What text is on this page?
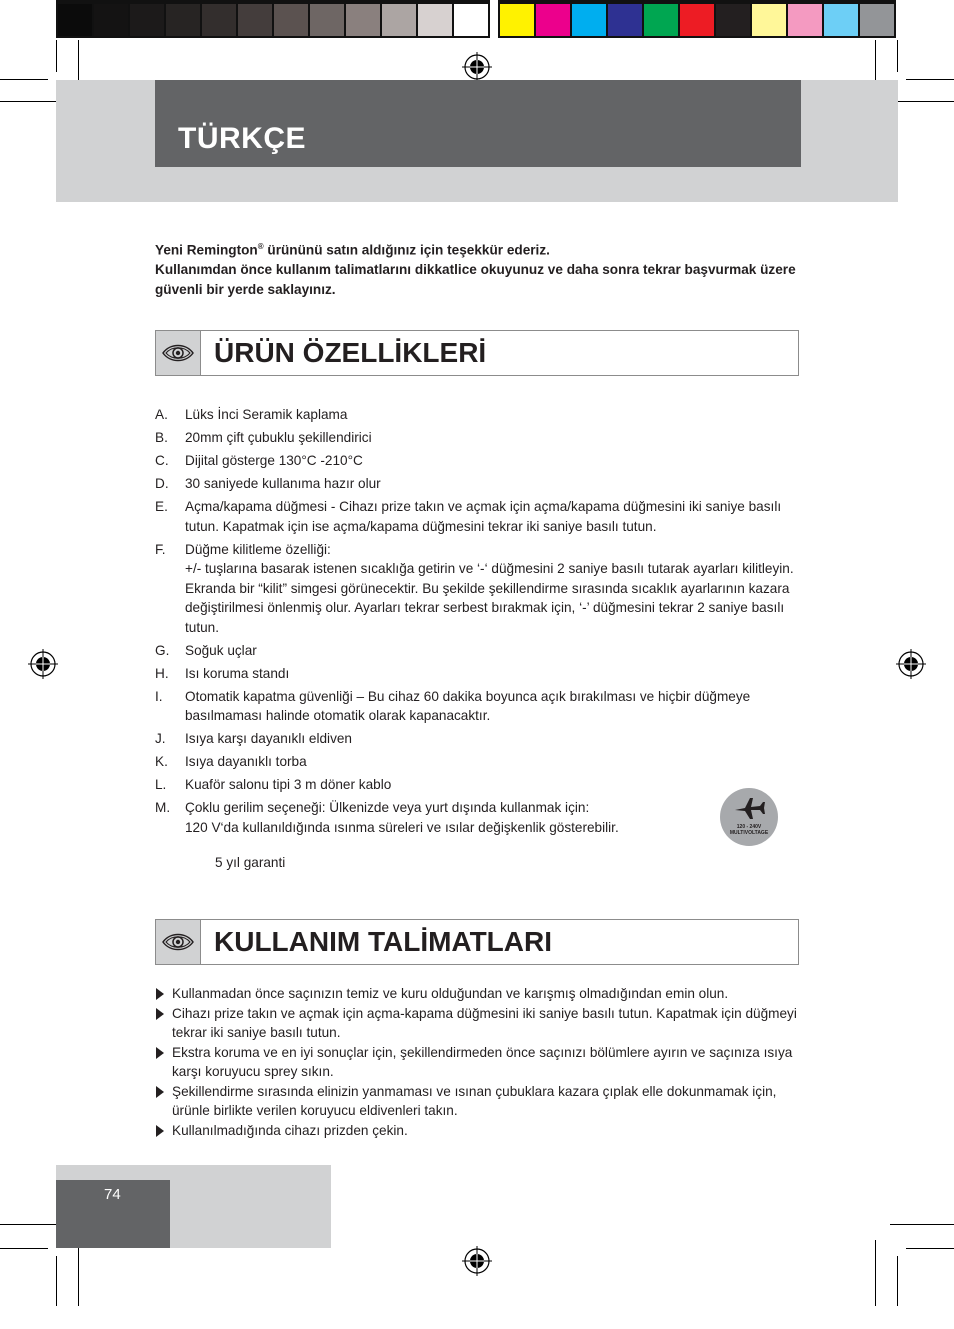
TÜRKÇE
Yeni Remington® ürününü satın aldığınız için teşekkür ederiz.
Kullanımdan önce kullanım talimatlarını dikkatlice okuyunuz ve daha sonra tekrar başvurmak üzere güvenli bir yerde saklayınız.
ÜRÜN ÖZELLİKLERİ
A.	Lüks İnci Seramik kaplama
B.	20mm çift çubuklu şekillendirici
C.	Dijital gösterge 130°C -210°C
D.	30 saniyede kullanıma hazır olur
E.	Açma/kapama düğmesi - Cihazı prize takın ve açmak için açma/kapama düğmesini iki saniye basılı tutun. Kapatmak için ise açma/kapama düğmesini tekrar iki saniye basılı tutun.
F.	Düğme kilitleme özelliği:
+/- tuşlarına basarak istenen sıcaklığa getirin ve ‘-‘ düğmesini 2 saniye basılı tutarak ayarları kilitleyin. Ekranda bir “kilit” simgesi görünecektir. Bu şekilde şekillendirme sırasında sıcaklık ayarlarının kazara değiştirilmesi önlenmiş olur. Ayarları tekrar serbest bırakmak için, ‘-’ düğmesini tekrar 2 saniye basılı tutun.
G.	Soğuk uçlar
H.	Isı koruma standı
I.	Otomatik kapatma güvenliği – Bu cihaz 60 dakika boyunca açık bırakılması ve hiçbir düğmeye basılmaması halinde otomatik olarak kapanacaktır.
J.	Isıya karşı dayanıklı eldiven
K.	Isıya dayanıklı torba
L.	Kuaför salonu tipi 3 m döner kablo
M.	Çoklu gerilim seçeneği: Ülkenizde veya yurt dışında kullanmak için:
120 V‘da kullanıldığında ısınma süreleri ve ısılar değişkenlik gösterebilir.	120 - 240V
MULTIVOLTAGE
5 yıl garanti
KULLANIM TALİMATLARI
Kullanmadan önce saçınızın temiz ve kuru olduğundan ve karışmış olmadığından emin olun.
Cihazı prize takın ve açmak için açma-kapama düğmesini iki saniye basılı tutun. Kapatmak için düğmeyi tekrar iki saniye basılı tutun.
Ekstra koruma ve en iyi sonuçlar için, şekillendirmeden önce saçınızı bölümlere ayırın ve saçınıza ısıya karşı koruyucu sprey sıkın.
Şekillendirme sırasında elinizin yanmaması ve ısınan çubuklara kazara çıplak elle dokunmamak için, ürünle birlikte verilen koruyucu eldivenleri takın.
Kullanılmadığında cihazı prizden çekin.
74
